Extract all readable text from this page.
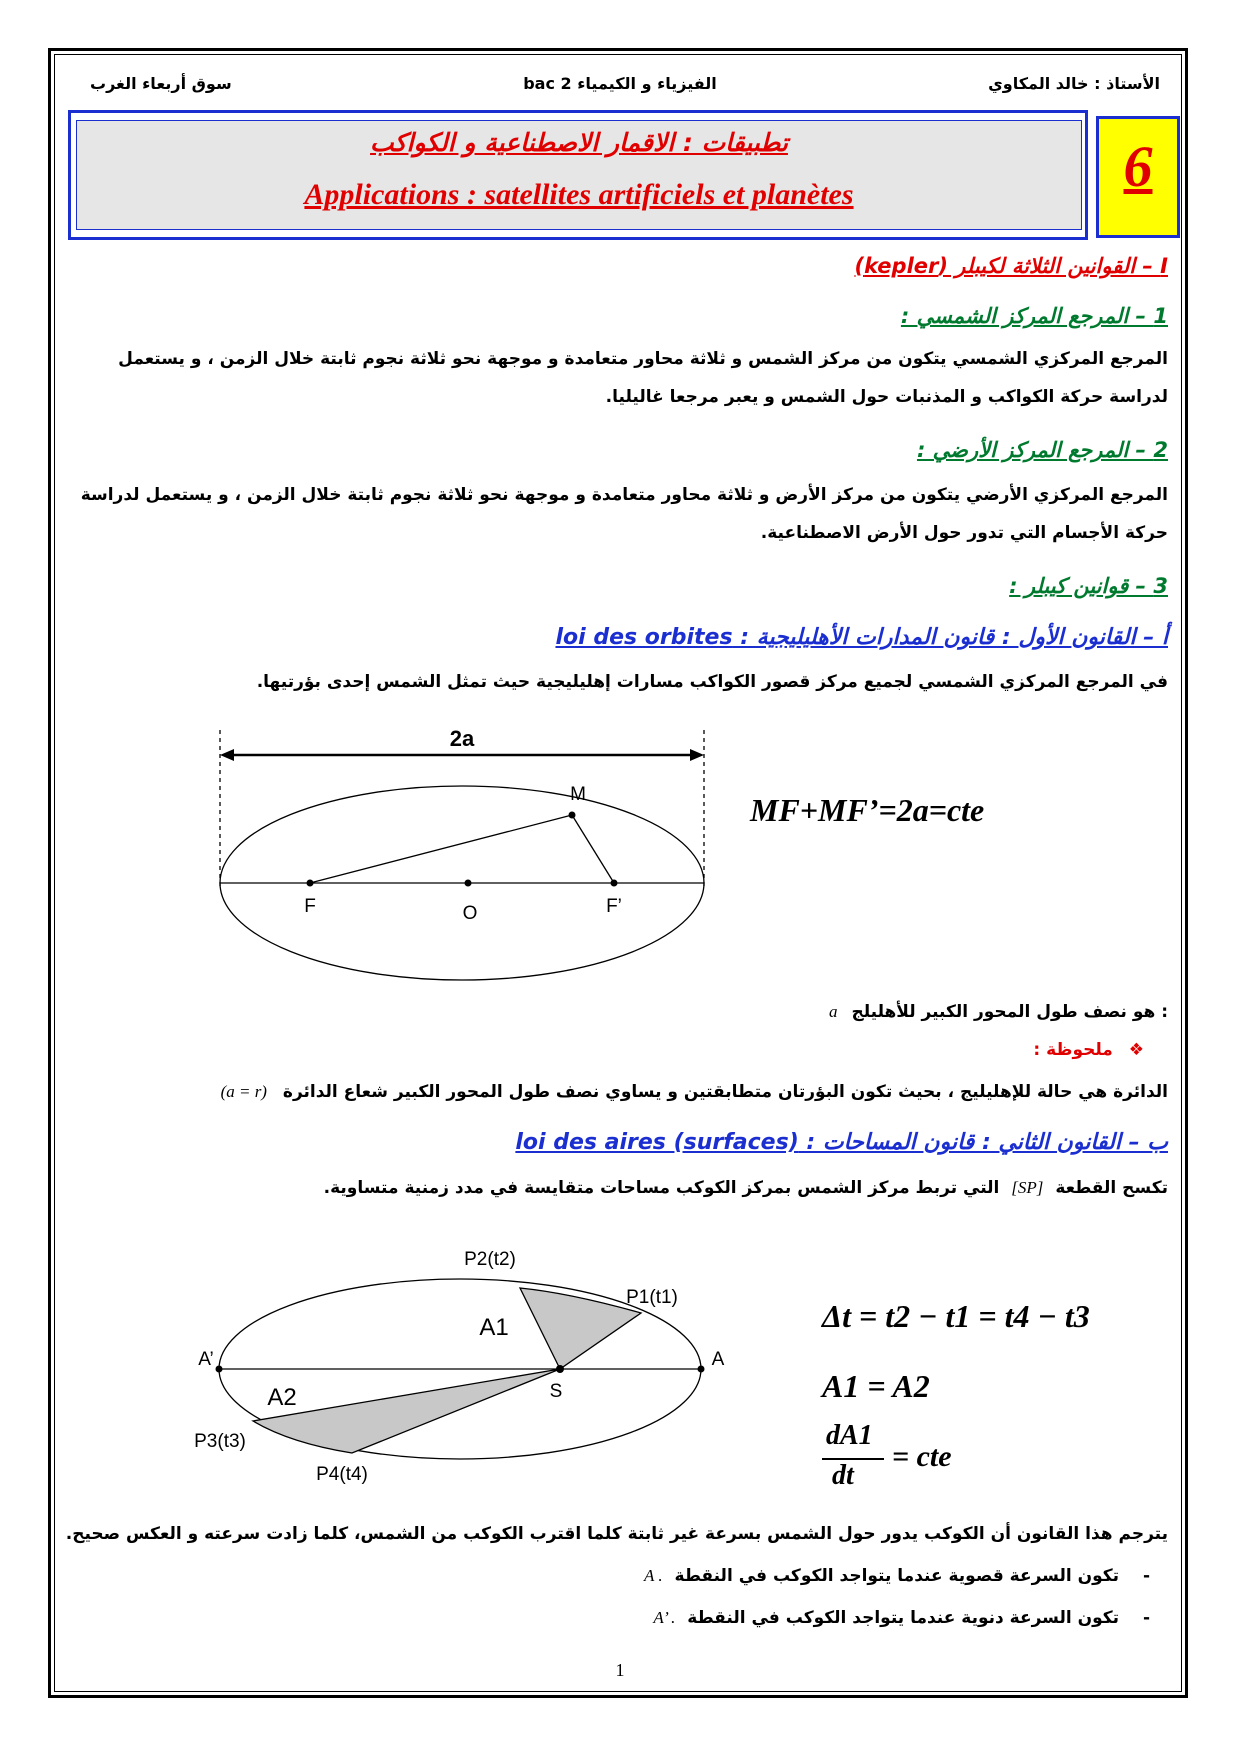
الأستاذ : خالد المكاوي
الفيزياء و الكيمياء 2 bac
سوق أربعاء الغرب
تطبيقات : الاقمار الاصطناعية و الكواكب
Applications : satellites artificiels et planètes	6
I – القوانين الثلاثة لكيبلر (kepler)
1 – المرجع المركز الشمسي :
المرجع المركزي الشمسي يتكون من مركز الشمس و ثلاثة محاور متعامدة و موجهة نحو ثلاثة نجوم ثابتة خلال الزمن ، و يستعمل لدراسة حركة الكواكب و المذنبات حول الشمس و يعبر مرجعا غاليليا.
2 – المرجع المركز الأرضي :
المرجع المركزي الأرضي يتكون من مركز الأرض و ثلاثة محاور متعامدة و موجهة نحو ثلاثة نجوم ثابتة خلال الزمن ، و يستعمل لدراسة حركة الأجسام التي تدور حول الأرض الاصطناعية.
3 – قوانين كيبلر :
أ – القانون الأول : قانون المدارات الأهليليجية : loi des orbites
في المرجع المركزي الشمسي لجميع مركز قصور الكواكب مسارات إهليليجية حيث تمثل الشمس إحدى بؤرتيها.
2a
M
F	O	F’
MF+MF’=2a=cte
: هو نصف طول المحور الكبير للأهليلج a
❖ ملحوظة :
الدائرة هي حالة للإهليليج ، بحيث تكون البؤرتان متطابقتين و يساوي نصف طول المحور الكبير شعاع الدائرة (a = r)
ب – القانون الثاني : قانون المساحات : loi des aires (surfaces)
تكسح القطعة [SP] التي تربط مركز الشمس بمركز الكوكب مساحات متقايسة في مدد زمنية متساوية.
P2(t2)
P1(t1)
A1
A2
A’	A
S
P3(t3)
P4(t4)
Δt = t2 − t1 = t4 − t3
A1 = A2
dA1
dt
= cte
يترجم هذا القانون أن الكوكب يدور حول الشمس بسرعة غير ثابتة كلما اقترب الكوكب من الشمس، كلما زادت سرعته و العكس صحيح.
- تكون السرعة قصوية عندما يتواجد الكوكب في النقطة A .
- تكون السرعة دنوية عندما يتواجد الكوكب في النقطة A’ .
1
